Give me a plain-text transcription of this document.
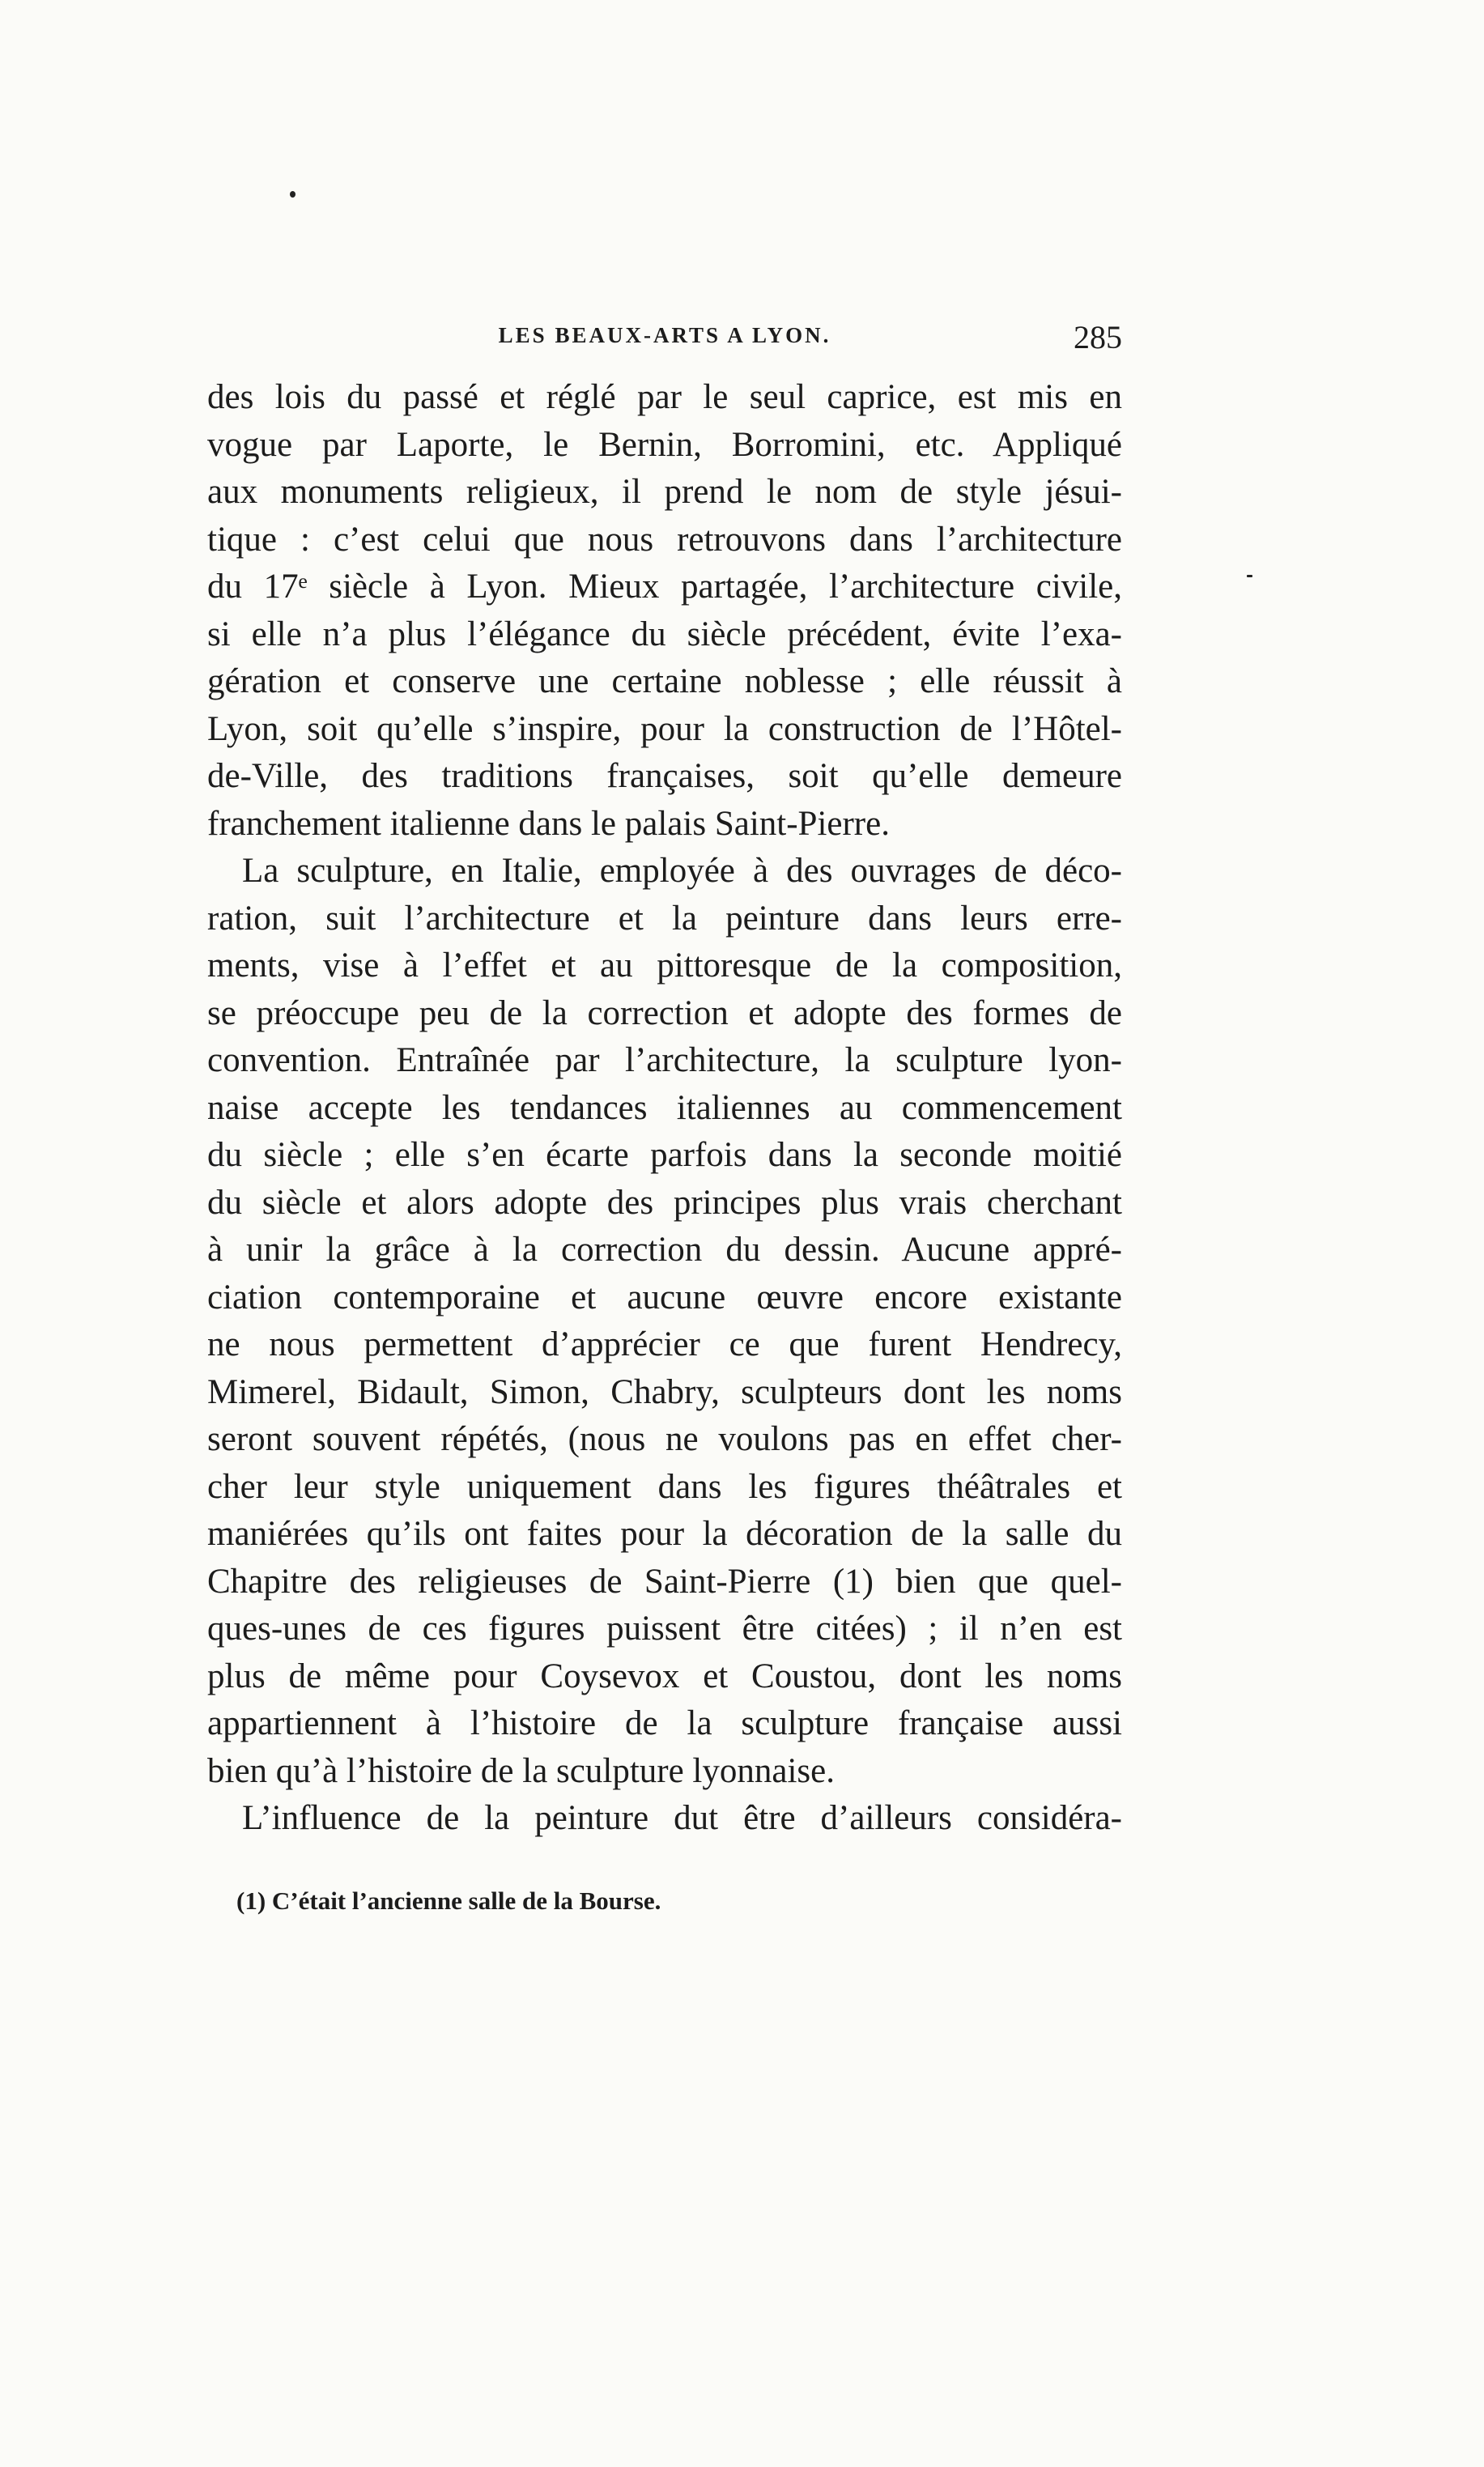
LES BEAUX-ARTS A LYON.	285
des lois du passé et réglé par le seul caprice, est mis en
vogue par Laporte, le Bernin, Borromini, etc. Appliqué
aux monuments religieux, il prend le nom de style jésui-
tique : c’est celui que nous retrouvons dans l’architecture
du 17ᵉ siècle à Lyon. Mieux partagée, l’architecture civile,
si elle n’a plus l’élégance du siècle précédent, évite l’exa-
gération et conserve une certaine noblesse ; elle réussit à
Lyon, soit qu’elle s’inspire, pour la construction de l’Hôtel-
de-Ville, des traditions françaises, soit qu’elle demeure
franchement italienne dans le palais Saint-Pierre.
La sculpture, en Italie, employée à des ouvrages de déco-
ration, suit l’architecture et la peinture dans leurs erre-
ments, vise à l’effet et au pittoresque de la composition,
se préoccupe peu de la correction et adopte des formes de
convention. Entraînée par l’architecture, la sculpture lyon-
naise accepte les tendances italiennes au commencement
du siècle ; elle s’en écarte parfois dans la seconde moitié
du siècle et alors adopte des principes plus vrais cherchant
à unir la grâce à la correction du dessin. Aucune appré-
ciation contemporaine et aucune œuvre encore existante
ne nous permettent d’apprécier ce que furent Hendrecy,
Mimerel, Bidault, Simon, Chabry, sculpteurs dont les noms
seront souvent répétés, (nous ne voulons pas en effet cher-
cher leur style uniquement dans les figures théâtrales et
maniérées qu’ils ont faites pour la décoration de la salle du
Chapitre des religieuses de Saint-Pierre (1) bien que quel-
ques-unes de ces figures puissent être citées) ; il n’en est
plus de même pour Coysevox et Coustou, dont les noms
appartiennent à l’histoire de la sculpture française aussi
bien qu’à l’histoire de la sculpture lyonnaise.
L’influence de la peinture dut être d’ailleurs considéra-
(1) C’était l’ancienne salle de la Bourse.
